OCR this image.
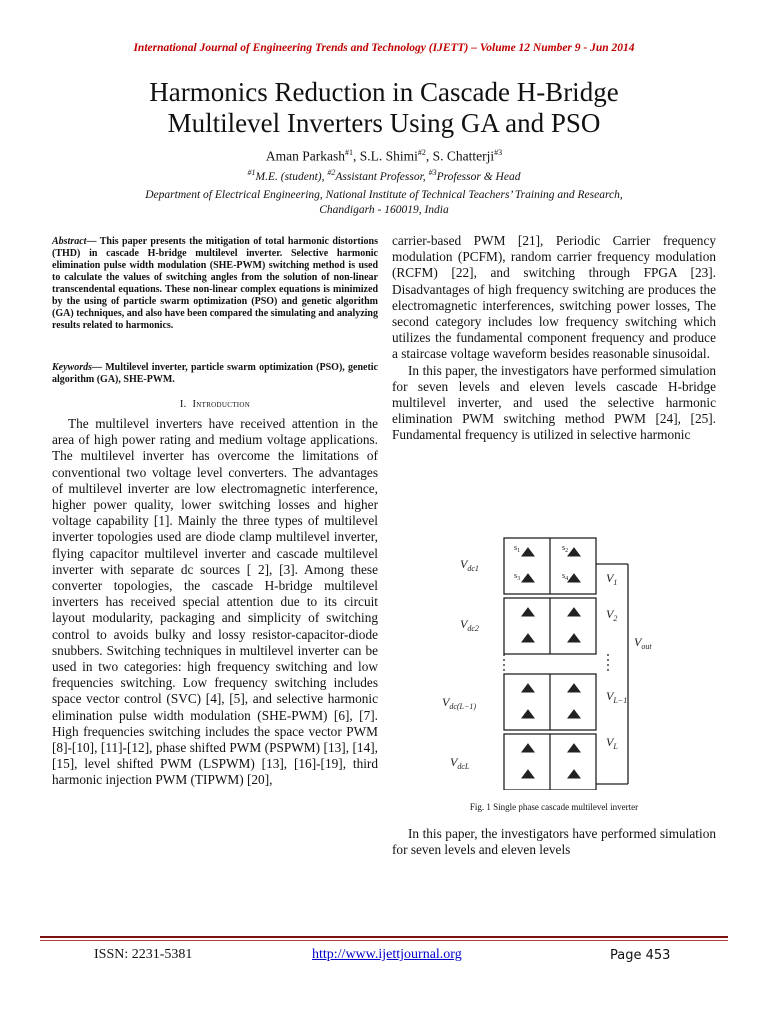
International Journal of Engineering Trends and Technology (IJETT) – Volume 12 Number 9 - Jun 2014
Harmonics Reduction in Cascade H-Bridge
Multilevel Inverters Using GA and PSO
Aman Parkash$^{\#1}$, S.L. Shimi$^{\#2}$, S. Chatterji$^{\#3}$
$^{\#1}$M.E. (student), $^{\#2}$Assistant Professor, $^{\#3}$Professor & Head
Department of Electrical Engineering, National Institute of Technical Teachers’ Training and Research,
Chandigarh - 160019, India
Abstract— This paper presents the mitigation of total harmonic distortions (THD) in cascade H-bridge multilevel inverter. Selective harmonic elimination pulse width modulation (SHE-PWM) switching method is used to calculate the values of switching angles from the solution of non-linear transcendental equations. These non-linear complex equations is minimized by the using of particle swarm optimization (PSO) and genetic algorithm (GA) techniques, and also have been compared the simulating and analyzing results related to harmonics.
Keywords— Multilevel inverter, particle swarm optimization (PSO), genetic algorithm (GA), SHE-PWM.
I. Introduction

The multilevel inverters have received attention in the area of high power rating and medium voltage applications. The multilevel inverter has overcome the limitations of conventional two voltage level converters. The advantages of multilevel inverter are low electromagnetic interference, higher power quality, lower switching losses and higher voltage capability [1]. Mainly the three types of multilevel inverter topologies used are diode clamp multilevel inverter, flying capacitor multilevel inverter and cascade multilevel inverter with separate dc sources [ 2], [3]. Among these converter topologies, the cascade H-bridge multilevel inverters has received special attention due to its circuit layout modularity, packaging and simplicity of switching control to avoids bulky and lossy resistor-capacitor-diode snubbers. Switching techniques in multilevel inverter can be used in two categories: high frequency switching and low frequencies switching. Low frequency switching includes space vector control (SVC) [4], [5], and selective harmonic elimination pulse width modulation (SHE-PWM) [6], [7]. High frequencies switching includes the space vector PWM [8]-[10], [11]-[12], phase shifted PWM (PSPWM) [13], [14], [15], level shifted PWM (LSPWM) [13], [16]-[19], third harmonic injection PWM (TIPWM) [20],

carrier-based PWM [21], Periodic Carrier frequency modulation (PCFM), random carrier frequency modulation (RCFM) [22], and switching through FPGA [23]. Disadvantages of high frequency switching are produces the electromagnetic interferences, switching power losses, The second category includes low frequency switching which utilizes the fundamental component frequency and produce a staircase voltage waveform besides reasonable sinusoidal.

In this paper, the investigators have performed simulation for seven levels and eleven levels cascade H-bridge multilevel inverter, and used the selective harmonic elimination PWM switching method PWM [24], [25]. Fundamental frequency is utilized in selective harmonic

$V_{dc1}$
$V_{dc2}$
$V_{dc(L-1)}$
$V_{dcL}$
$V_1$
$V_2$
$V_{L-1}$
$V_L$
$V_{out}$
$s_1$	$s_2$
$s_3$	$s_4$
Fig. 1 Single phase cascade multilevel inverter

In this paper, the investigators have performed simulation for seven levels and eleven levels

ISSN: 2231-5381	http://www.ijettjournal.org	Page 453
